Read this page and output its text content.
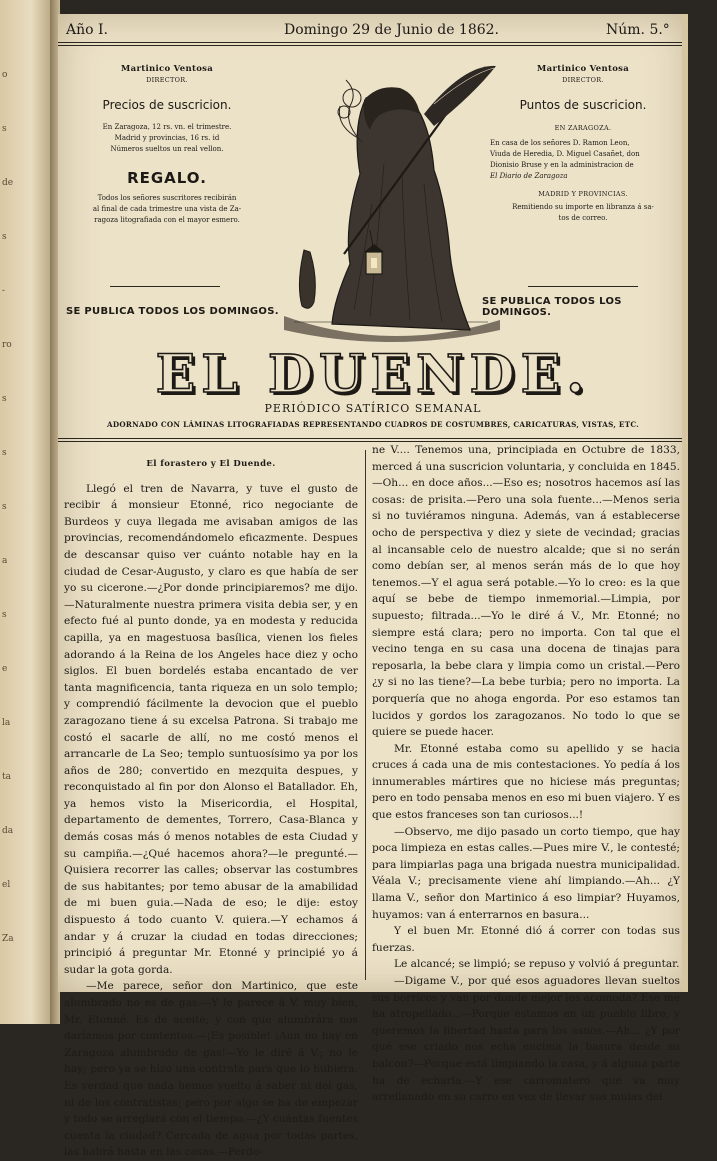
o
s
de
s
-
ro
s
s
s
a
s
e
la
ta
da
el
Za
Año I.	Domingo 29 de Junio de 1862.	Núm. 5.°
Martinico Ventosa
DIRECTOR.
Precios de suscricion.
En Zaragoza, 12 rs. vn. el trimestre.
Madrid y provincias, 16 rs. id
Números sueltos un real vellon.
REGALO.
Todos los señores suscritores recibirán
al final de cada trimestre una vista de Za-
ragoza litografiada con el mayor esmero.
SE PUBLICA TODOS LOS DOMINGOS.
Martinico Ventosa
DIRECTOR.
Puntos de suscricion.
EN ZARAGOZA.
En casa de los señores D. Ramon Leon,
Viuda de Heredia, D. Miguel Casañet, don
Dionisio Bruse y en la administracion de
El Diario de Zaragoza
MADRID Y PROVINCIAS.
Remitiendo su importe en libranza á sa-
tos de correo.
SE PUBLICA TODOS LOS DOMINGOS.
EL DUENDE.
PERIÓDICO SATÍRICO SEMANAL
ADORNADO CON LÁMINAS LITOGRAFIADAS REPRESENTANDO CUADROS DE COSTUMBRES, CARICATURAS, VISTAS, ETC.
El forastero y El Duende.

Llegó el tren de Navarra, y tuve el gusto de recibir á monsieur Etonné, rico negociante de Burdeos y cuya llegada me avisaban amigos de las provincias, recomendándomelo eficazmente. Despues de descansar quiso ver cuánto notable hay en la ciudad de Cesar-Augusto, y claro es que había de ser yo su cicerone.—¿Por donde principiaremos? me dijo.—Naturalmente nuestra primera visita debia ser, y en efecto fué al punto donde, ya en modesta y reducida capilla, ya en magestuosa basílica, vienen los fieles adorando á la Reina de los Angeles hace diez y ocho siglos. El buen bordelés estaba encantado de ver tanta magnificencia, tanta riqueza en un solo templo; y comprendió fácilmente la devocion que el pueblo zaragozano tiene á su excelsa Patrona. Si trabajo me costó el sacarle de allí, no me costó menos el arrancarle de La Seo; templo suntuosísimo ya por los años de 280; convertido en mezquita despues, y reconquistado al fin por don Alonso el Batallador. Eh, ya hemos visto la Misericordia, el Hospital, departamento de dementes, Torrero, Casa-Blanca y demás cosas más ó menos notables de esta Ciudad y su campiña.—¿Qué hacemos ahora?—le pregunté.—Quisiera recorrer las calles; observar las costumbres de sus habitantes; por temo abusar de la amabilidad de mi buen guia.—Nada de eso; le dije: estoy dispuesto á todo cuanto V. quiera.—Y echamos á andar y á cruzar la ciudad en todas direcciones; principió á preguntar Mr. Etonné y principié yo á sudar la gota gorda.

—Me parece, señor don Martinico, que este alumbrado no es de gas.—Y le parece á V. muy bien, Mr. Etonné. Es de aceite; y con que alumbrára nos daríamos por contentos.—¡Es posible! ¡Aun no hay en Zaragoza alumbrado de gas!—Yo le diré á V.; no le hay; pero ya se hizo una contrata para que lo hubiera. Es verdad que nada hemos vuelto á saber ni del gas, ni de los contratistas; pero por algo se ha de empezar y todo se arreglará con el tiempo.—¿Y cuántas fuentes cuenta la ciudad? Cercada de agua por todas partes, las habrá hasta en las casas.—Perdo-

ne V.... Tenemos una, principiada en Octubre de 1833, merced á una suscricion voluntaria, y concluida en 1845.—Oh... en doce años...—Eso es; nosotros hacemos así las cosas: de prisita.—Pero una sola fuente...—Menos seria si no tuviéramos ninguna. Además, van á establecerse ocho de perspectiva y diez y siete de vecindad; gracias al incansable celo de nuestro alcalde; que si no serán como debían ser, al menos serán más de lo que hoy tenemos.—Y el agua será potable.—Yo lo creo: es la que aquí se bebe de tiempo inmemorial.—Limpia, por supuesto; filtrada...—Yo le diré á V., Mr. Etonné; no siempre está clara; pero no importa. Con tal que el vecino tenga en su casa una docena de tinajas para reposarla, la bebe clara y limpia como un cristal.—Pero ¿y si no las tiene?—La bebe turbia; pero no importa. La porquería que no ahoga engorda. Por eso estamos tan lucidos y gordos los zaragozanos. No todo lo que se quiere se puede hacer.

Mr. Etonné estaba como su apellido y se hacia cruces á cada una de mis contestaciones. Yo pedía á los innumerables mártires que no hiciese más preguntas; pero en todo pensaba menos en eso mi buen viajero. Y es que estos franceses son tan curiosos...!

—Observo, me dijo pasado un corto tiempo, que hay poca limpieza en estas calles.—Pues mire V., le contesté; para limpiarlas paga una brigada nuestra municipalidad. Véala V.; precisamente viene ahí limpiando.—Ah... ¿Y llama V., señor don Martinico á eso limpiar? Huyamos, huyamos: van á enterrarnos en basura...

Y el buen Mr. Etonné dió á correr con todas sus fuerzas.

Le alcancé; se limpió; se repuso y volvió á preguntar.

—Digame V., por qué esos aguadores llevan sueltos sus borricos y van por donde mejor les acomoda? Ese me ha atropellado...—Porque estamos en un pueblo libre, y queremos la libertad hasta para los asnos.—Ah... ¿Y por qué ese criado nos echa encima la basura desde su balcon?—Porque está limpiando la casa, y á alguna parte ha de echarla.—Y ese carromatero que va muy arrellanado en su carro en vez de llevar sus mulas del
